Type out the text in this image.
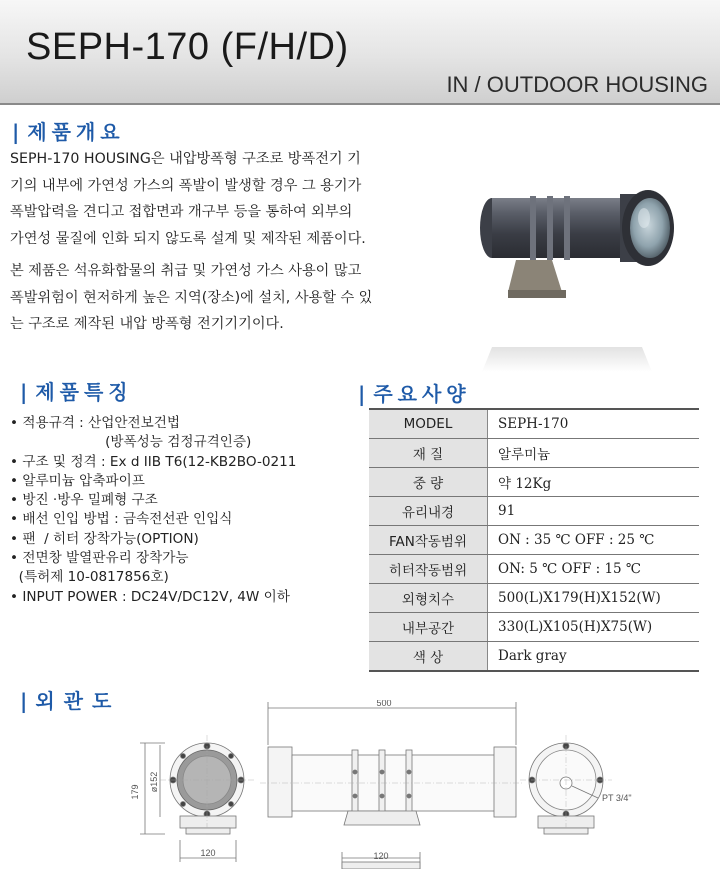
SEPH-170 (F/H/D)
IN / OUTDOOR HOUSING
| 제품개요
SEPH-170 HOUSING은 내압방폭형 구조로 방폭전기 기
기의 내부에 가연성 가스의 폭발이 발생할 경우 그 용기가
폭발압력을 견디고 접합면과 개구부 등을 통하여 외부의
가연성 물질에 인화 되지 않도록 설계 및 제작된 제품이다.
본 제품은 석유화합물의 취급 및 가연성 가스 사용이 많고
폭발위험이 현저하게 높은 지역(장소)에 설치, 사용할 수 있
는 구조로 제작된 내압 방폭형 전기기기이다.
| 제품특징
• 적용규격 : 산업안전보건법
(방폭성능 검정규격인증)
• 구조 및 정격 : Ex d IIB T6(12-KB2BO-0211
• 알루미늄 압축파이프
• 방진 ·방우 밀폐형 구조
• 배선 인입 방법 : 금속전선관 인입식
• 팬  / 히터 장착가능(OPTION)
• 전면창 발열판유리 장착가능
(특허제 10-0817856호)
• INPUT POWER : DC24V/DC12V, 4W 이하
| 주요사양
MODEL	SEPH-170
재 질	알루미늄
중 량	약 12Kg
유리내경	91
FAN작동범위	ON : 35 ℃ OFF : 25 ℃
히터작동범위	ON: 5 ℃ OFF : 15 ℃
외형치수	500(L)X179(H)X152(W)
내부공간	330(L)X105(H)X75(W)
색 상	Dark gray
| 외관도	500
179 ø152
120	120
PT 3/4"
